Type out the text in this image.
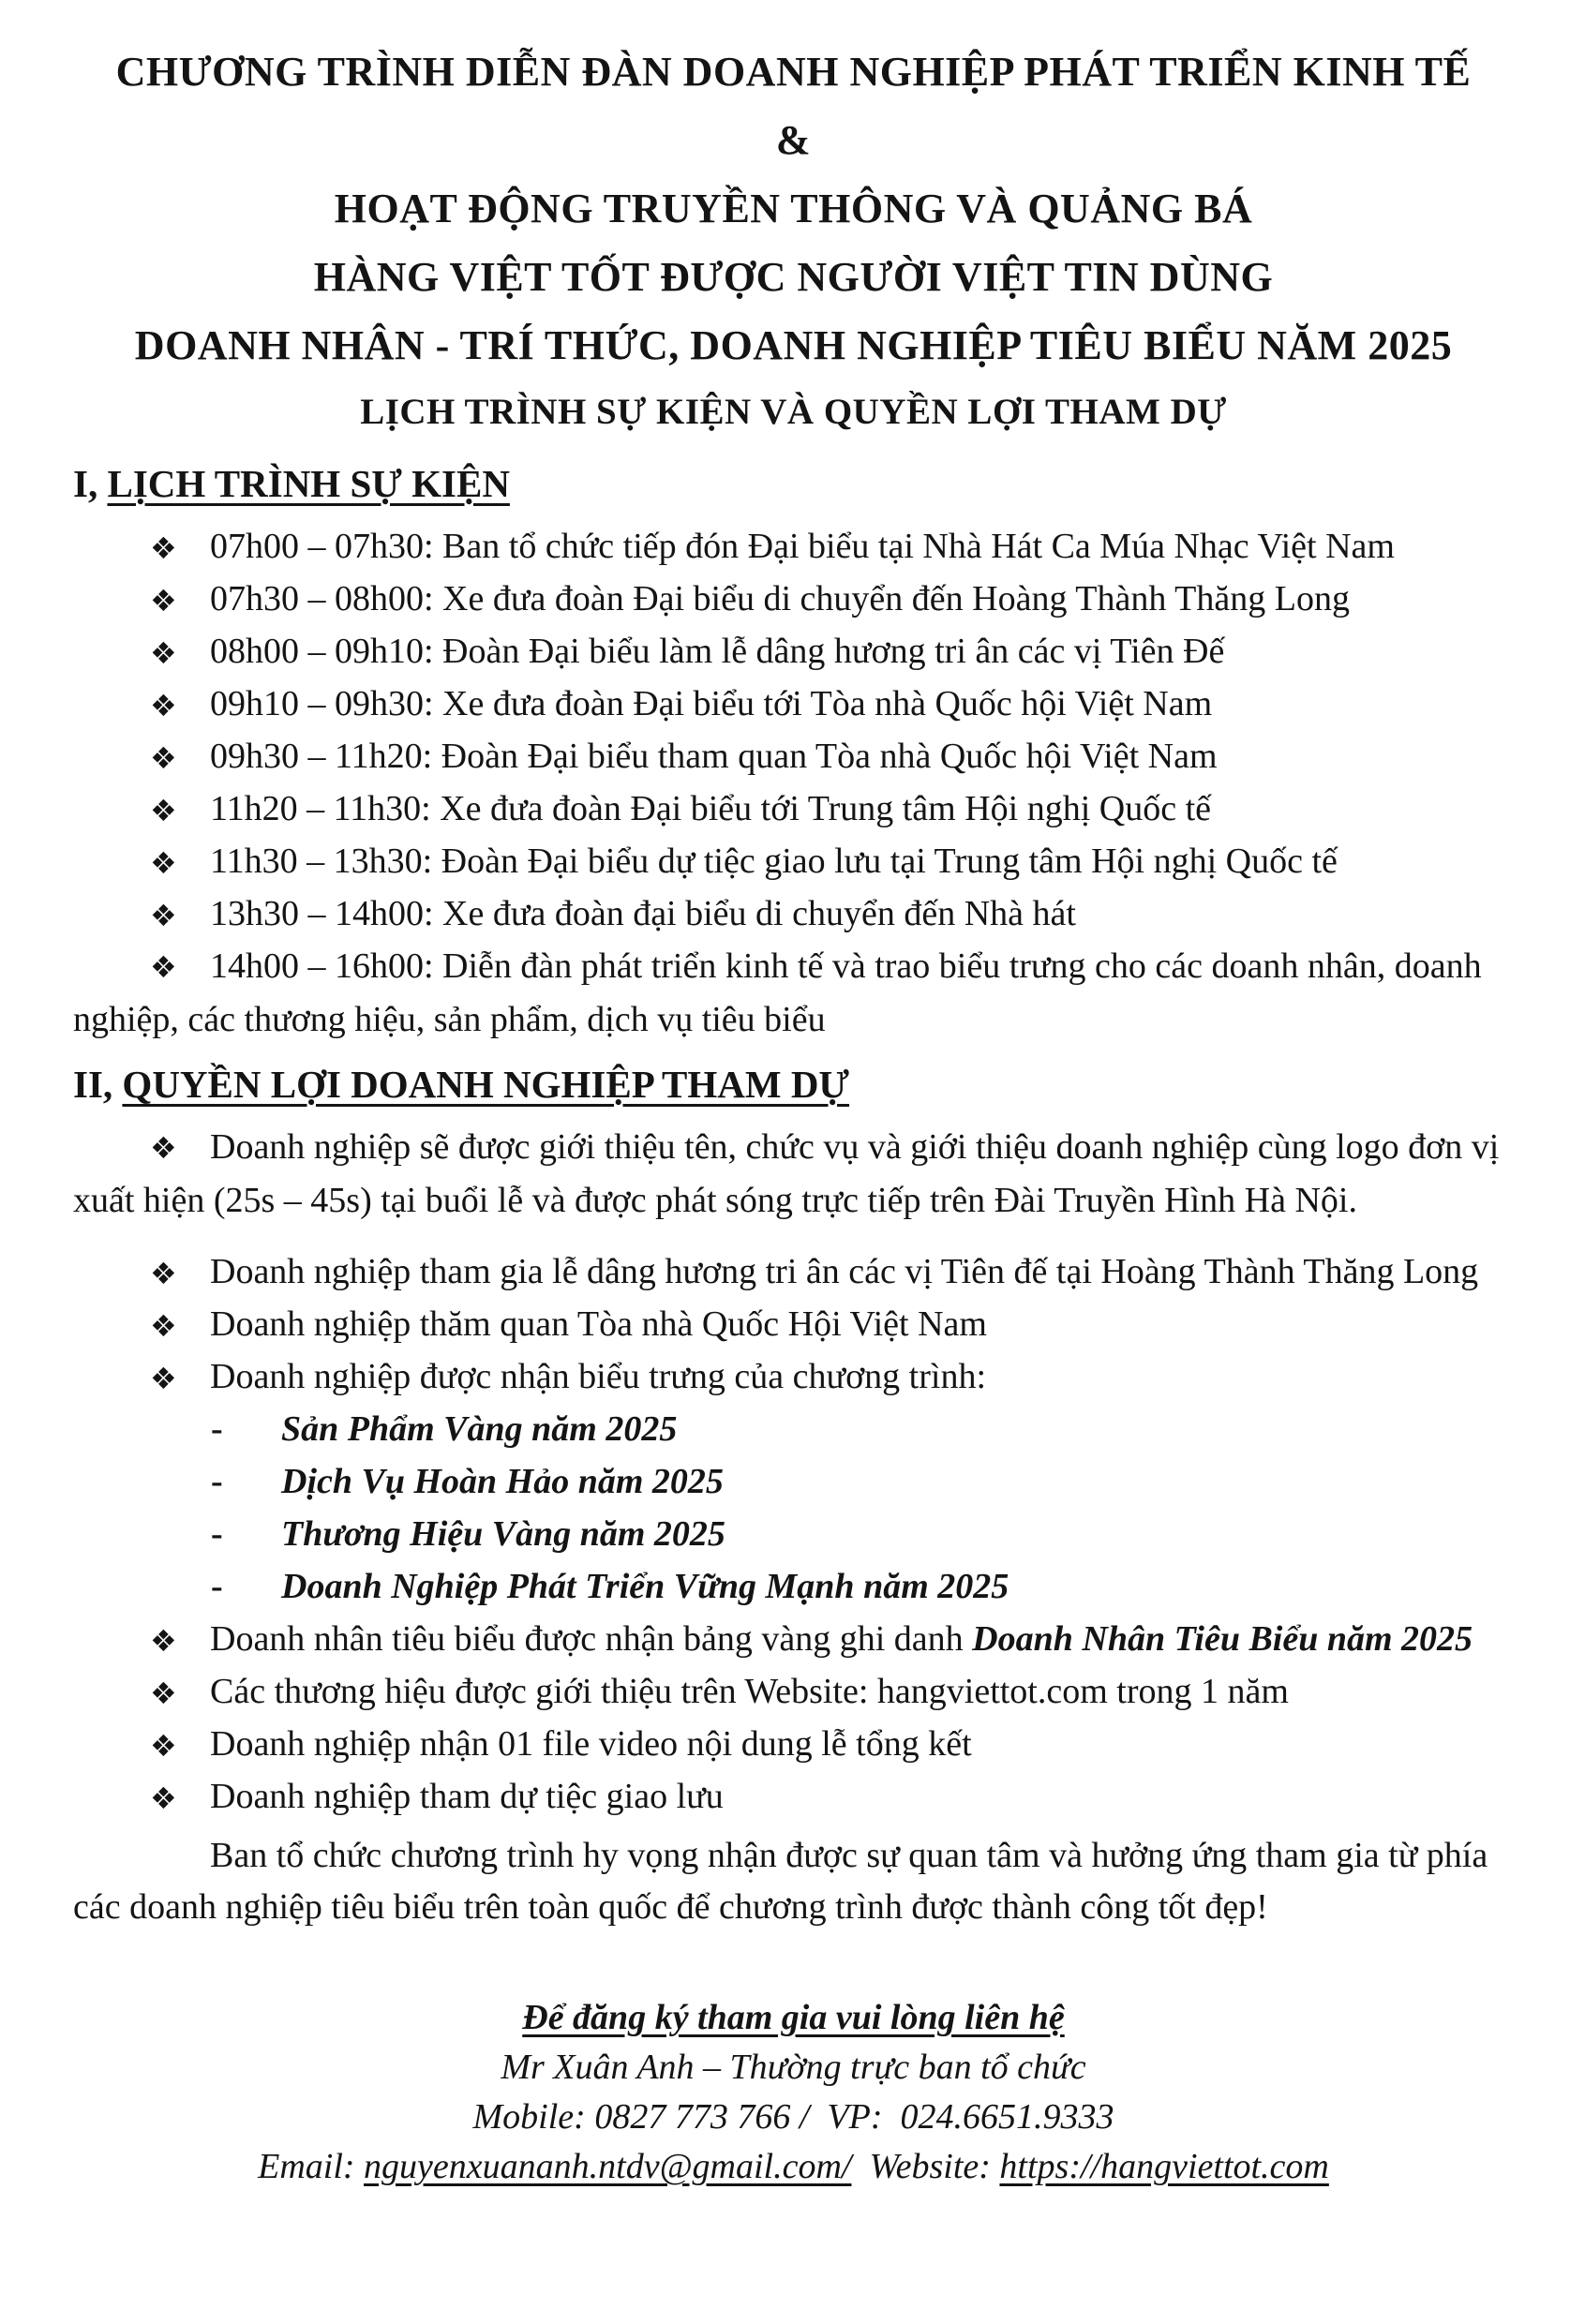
CHƯƠNG TRÌNH DIỄN ĐÀN DOANH NGHIỆP PHÁT TRIỂN KINH TẾ
&
HOẠT ĐỘNG TRUYỀN THÔNG VÀ QUẢNG BÁ
HÀNG VIỆT TỐT ĐƯỢC NGƯỜI VIỆT TIN DÙNG
DOANH NHÂN - TRÍ THỨC, DOANH NGHIỆP TIÊU BIỂU NĂM 2025
LỊCH TRÌNH SỰ KIỆN VÀ QUYỀN LỢI THAM DỰ
I, LỊCH TRÌNH SỰ KIỆN

❖ 07h00 – 07h30: Ban tổ chức tiếp đón Đại biểu tại Nhà Hát Ca Múa Nhạc Việt Nam

❖ 07h30 – 08h00: Xe đưa đoàn Đại biểu di chuyển đến Hoàng Thành Thăng Long

❖ 08h00 – 09h10: Đoàn Đại biểu làm lễ dâng hương tri ân các vị Tiên Đế

❖ 09h10 – 09h30: Xe đưa đoàn Đại biểu tới Tòa nhà Quốc hội Việt Nam

❖ 09h30 – 11h20: Đoàn Đại biểu tham quan Tòa nhà Quốc hội Việt Nam

❖ 11h20 – 11h30: Xe đưa đoàn Đại biểu tới Trung tâm Hội nghị Quốc tế

❖ 11h30 – 13h30: Đoàn Đại biểu dự tiệc giao lưu tại Trung tâm Hội nghị Quốc tế

❖ 13h30 – 14h00: Xe đưa đoàn đại biểu di chuyển đến Nhà hát

❖ 14h00 – 16h00: Diễn đàn phát triển kinh tế và trao biểu trưng cho các doanh nhân, doanh nghiệp, các thương hiệu, sản phẩm, dịch vụ tiêu biểu

II, QUYỀN LỢI DOANH NGHIỆP THAM DỰ

❖ Doanh nghiệp sẽ được giới thiệu tên, chức vụ và giới thiệu doanh nghiệp cùng logo đơn vị xuất hiện (25s – 45s) tại buổi lễ và được phát sóng trực tiếp trên Đài Truyền Hình Hà Nội.

❖ Doanh nghiệp tham gia lễ dâng hương tri ân các vị Tiên đế tại Hoàng Thành Thăng Long

❖ Doanh nghiệp thăm quan Tòa nhà Quốc Hội Việt Nam

❖ Doanh nghiệp được nhận biểu trưng của chương trình:

- Sản Phẩm Vàng năm 2025

- Dịch Vụ Hoàn Hảo năm 2025

- Thương Hiệu Vàng năm 2025

- Doanh Nghiệp Phát Triển Vững Mạnh năm 2025

❖ Doanh nhân tiêu biểu được nhận bảng vàng ghi danh Doanh Nhân Tiêu Biểu năm 2025

❖ Các thương hiệu được giới thiệu trên Website: hangviettot.com trong 1 năm

❖ Doanh nghiệp nhận 01 file video nội dung lễ tổng kết

❖ Doanh nghiệp tham dự tiệc giao lưu

Ban tổ chức chương trình hy vọng nhận được sự quan tâm và hưởng ứng tham gia từ phía các doanh nghiệp tiêu biểu trên toàn quốc để chương trình được thành công tốt đẹp!

Để đăng ký tham gia vui lòng liên hệ

Mr Xuân Anh – Thường trực ban tổ chức

Mobile: 0827 773 766 / VP: 024.6651.9333

Email: nguyenxuananh.ntdv@gmail.com/ Website: https://hangviettot.com
